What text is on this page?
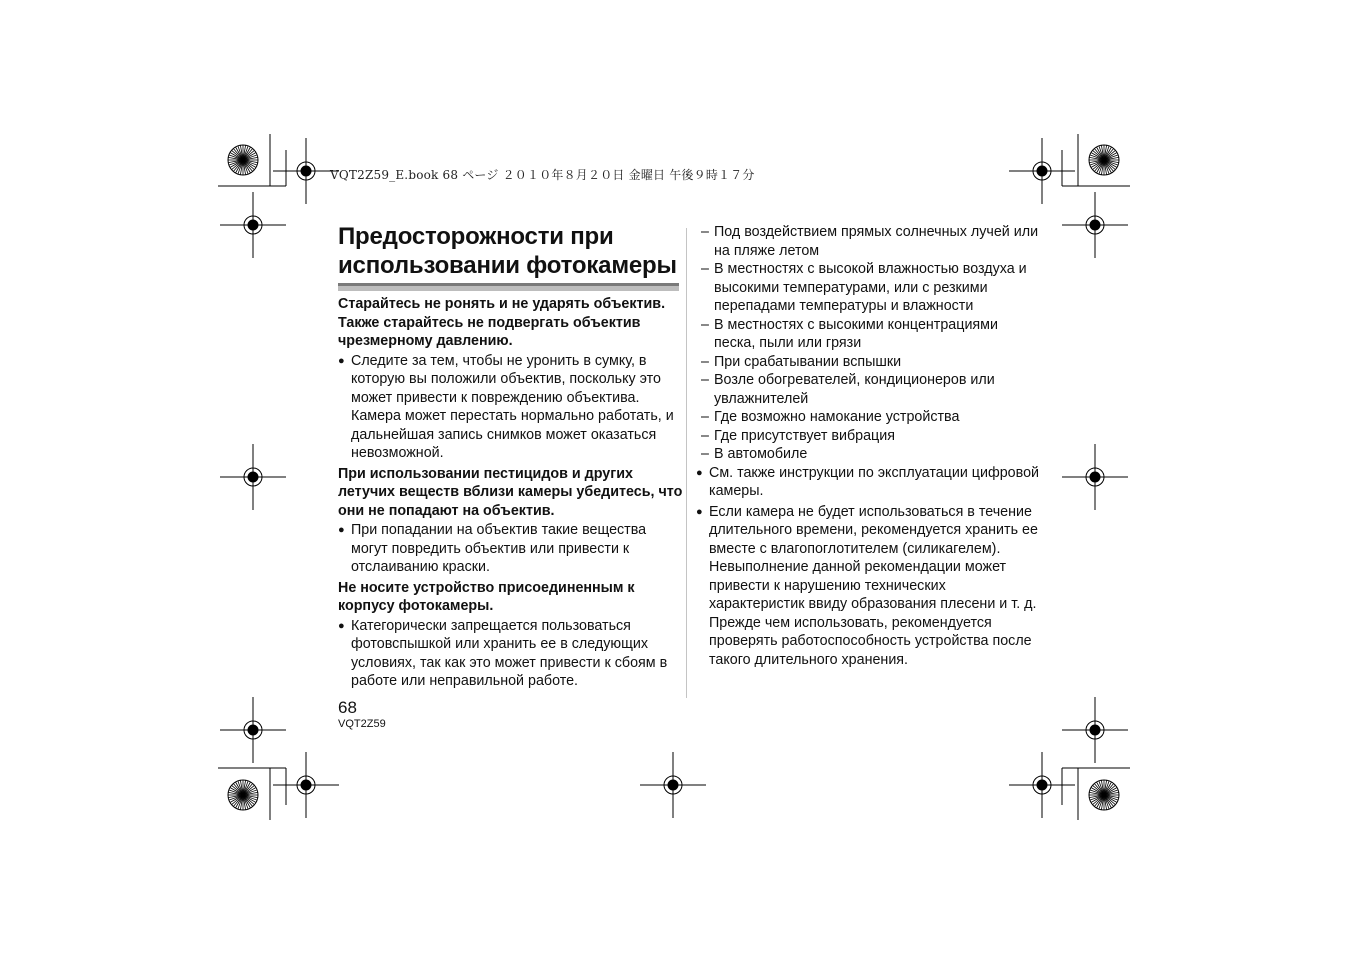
VQT2Z59_E.book 68 ページ ２０１０年８月２０日 金曜日 午後９時１７分
Предосторожности при
использовании фотокамеры

Старайтесь не ронять и не ударять объектив. Также старайтесь не подвергать объектив чрезмерному давлению.

● Следите за тем, чтобы не уронить в сумку, в которую вы положили объектив, поскольку это может привести к повреждению объектива. Камера может перестать нормально работать, и дальнейшая запись снимков может оказаться невозможной.

При использовании пестицидов и других летучих веществ вблизи камеры убедитесь, что они не попадают на объектив.

● При попадании на объектив такие вещества могут повредить объектив или привести к отслаиванию краски.

Не носите устройство присоединенным к корпусу фотокамеры.

● Категорически запрещается пользоваться фотовспышкой или хранить ее в следующих условиях, так как это может привести к сбоям в работе или неправильной работе.

– Под воздействием прямых солнечных лучей или на пляже летом

– В местностях с высокой влажностью воздуха и высокими температурами, или с резкими перепадами температуры и влажности

– В местностях с высокими концентрациями песка, пыли или грязи

– При срабатывании вспышки

– Возле обогревателей, кондиционеров или увлажнителей

– Где возможно намокание устройства

– Где присутствует вибрация

– В автомобиле

● См. также инструкции по эксплуатации цифровой камеры.

● Если камера не будет использоваться в течение длительного времени, рекомендуется хранить ее вместе с влагопоглотителем (силикагелем). Невыполнение данной рекомендации может привести к нарушению технических характеристик ввиду образования плесени и т. д. Прежде чем использовать, рекомендуется проверять работоспособность устройства после такого длительного хранения.

68
VQT2Z59
